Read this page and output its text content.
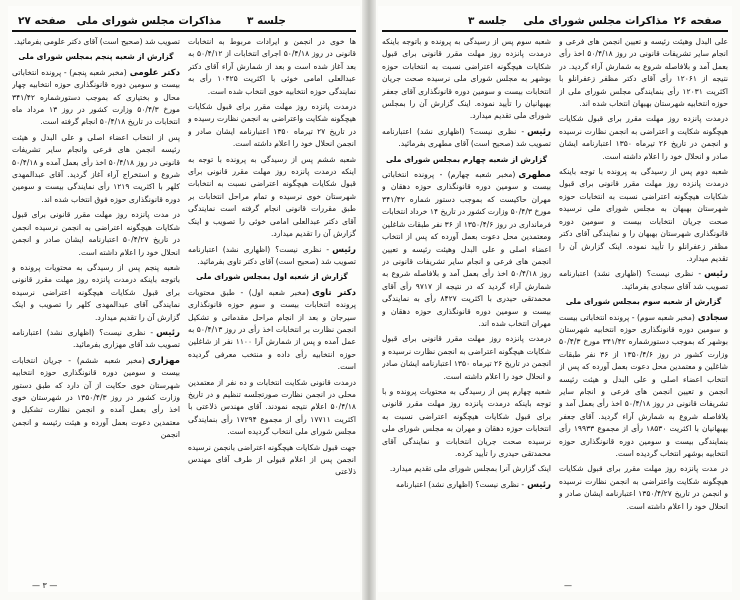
صفحه ۲۷	مذاکرات مجلس شورای ملی	جلسه ۳

ها خوی در انجمن و ایرادات مربوط به انتخابات قانونی در روز ۵۰/۴/۱۸ اجرای انتخابات از ۵۰/۴/۱۲ به بعد آغاز شده است و بعد از شمارش آراء آقای دکتر عبدالعلی امامی خوئی با اکثریت ۱۰۴۲۵ رأی به نمایندگی حوزه انتخابیه خوی انتخاب شده است.

درمدت پانزده روز مهلت مقرر برای قبول شکایات هیچگونه شکایت واعتراضی به انجمن نظارت رسیده و در تاریخ ۲۷ تیرماه ۱۳۵۰ اعتبارنامه ایشان صادر و انجمن انحلال خود را اعلام داشته است.

شعبه ششم پس از رسیدگی به پرونده با توجه به اینکه درمدت پانزده روز مهلت مقرر قانونی برای قبول شکایات هیچگونه اعتراضی نسبت به انتخابات شهرستان خوی نرسیده و تمام مراحل انتخابات بر طبق مقررات قانونی انجام گرفته است نمایندگی آقای دکتر عبدالعلی امامی خوئی را تصویب و اینک گزارش آن را تقدیم میدارد.

رئیس- نظری نیست؟ (اظهاری نشد) اعتبارنامه تصویب شد (صحیح است) آقای دکتر تاوی بفرمائید.

گزارش از شعبه اول بمجلس شورای ملی

دکتر تاوی(مخبر شعبه اول) - طبق محتویات پرونده انتخابات بیست و سوم حوزه قانونگذاری سیرجان و بعد از انجام مراحل مقدماتی و تشکیل انجمن نظارت بر انتخابات اخذ رأی در روز ۵۰/۴/۱۳ به عمل آمده و پس از شمارش آرا ۱۱۰۰ نفر از شاغلین حوزه انتخابیه رأی داده و منتخب معرفی گردیده است.

درمدت قانونی شکایت انتخابات و ده نفر از معتمدین محلی در انجمن نظارت صورتجلسه تنظیم و در تاریخ ۵۰/۴/۱۸ اعلام نتیجه نمودند. آقای مهندس ذلاعتی با اکثریت ۱۷۷۱۱ رأی از مجموع ۱۷۲۹۴ رأی بنمایندگی مجلس شورای ملی انتخاب گردیده است.

جهت قبول شکایات هیچگونه اعتراضی بانجمن نرسیده انجمن پس از اعلام قبولی از طرف آقای مهندس ذلاعتی

تصویب شد (صحیح است) آقای دکتر علومی بفرمائید.

گزارش از شعبه پنجم بمجلس شورای ملی

دکتر علومی(مخبر شعبه پنجم) - پرونده انتخاباتی بیست و سومین دوره قانونگذاری حوزه انتخابیه چهار محال و بختیاری که بموجب دستورشماره ۳۴۱/۴۲ مورخ ۵۰/۴/۳ وزارت کشور در روز ۱۳ مرداد ماه انتخابات در تاریخ ۵۰/۴/۱۸ انجام گرفته است.

پس از انتخاب اعضاء اصلی و علی البدل و هیئت رئیسه انجمن های فرعی وانجام سایر تشریفات قانونی در روز ۵۰/۴/۱۸ اخذ رأی بعمل آمده و ۵۰/۴/۱۸ شروع و استخراج آراء آغاز گردید. آقای عبدالمهدی کلهر با اکثریت ۱۲۱۹ رأی نمایندگی بیست و سومین دوره قانونگذاری حوزه فوق انتخاب شده اند.

در مدت پانزده روز مهلت مقرر قانونی برای قبول شکایات هیچگونه اعتراضی به انجمن نرسیده انجمن در تاریخ ۵۰/۴/۲۷ اعتبارنامه ایشان صادر و انجمن انحلال خود را اعلام داشته است.

شعبه پنجم پس از رسیدگی به محتویات پرونده و باتوجه باینکه درمدت پانزده روز مهلت مقرر قانونی برای قبول شکایات هیچگونه اعتراضی نرسیده نمایندگی آقای عبدالمهدی کلهر را تصویب و اینک گزارش آن را تقدیم میدارد.

رئیس- نظری نیست؟ (اظهاری نشد) اعتبارنامه تصویب شد آقای مهزاری بفرمائید.

مهزاری(مخبر شعبه ششم) - جریان انتخابات بیست و سومین دوره قانونگذاری حوزه انتخابیه شهرستان خوی حکایت از آن دارد که طبق دستور وزارت کشور در روز ۱۳۵۰/۴/۳ در شهرستان خوی اخذ رأی بعمل آمده و انجمن نظارت تشکیل و معتمدین دعوت بعمل آورده و هیئت رئیسه و انجمن انجمن

— ۳ —
صفحه ۲۶
مذاکرات مجلس شورای ملی
جلسه ۳

علی البدل وهیئت رئیسه و تعیین انجمن های فرعی و انجام سایر تشریفات قانونی در روز ۵۰/۴/۱۸ اخذ رأی بعمل آمد و بلافاصله شروع به شمارش آراء گردید. در نتیجه از ۱۲۰۶۱ رأی آقای دکتر مظفر زعفرانلو با اکثریت ۱۲۰۳۱ رأی بنمایندگی مجلس شورای ملی از حوزه انتخابیه شهرستان بهبهان انتخاب شده اند.

درمدت پانزده روز مهلت مقرر برای قبول شکایات هیچگونه شکایت و اعتراضی به انجمن نظارت نرسیده و انجمن در تاریخ ۲۶ تیرماه ۱۳۵۰ اعتبارنامه ایشان صادر و انحلال خود را اعلام داشته است.

شعبه دوم پس از رسیدگی به پرونده با توجه باینکه درمدت پانزده روز مهلت مقرر قانونی برای قبول شکایات هیچگونه اعتراضی نسبت به انتخابات حوزه شهرستان بهبهان به مجلس شورای ملی نرسیده صحت جریان انتخابات بیست و سومین دوره قانونگذاری شهرستان بهبهان را و نمایندگی آقای دکتر مظفر زعفرانلو را تأیید نموده. اینک گزارش آن را تقدیم میدارد.

رئیس- نظری نیست؟ (اظهاری نشد) اعتبارنامه تصویب شد آقای سجادی بفرمائید.

گزارش از شعبه سوم بمجلس شورای ملی

سجادی(مخبر شعبه سوم) - پرونده انتخاباتی بیست و سومین دوره قانونگذاری حوزه انتخابیه شهرستان بوشهر که بموجب دستورشماره ۳۴۱/۴۲ مورخ ۵۰/۴/۳ وزارت کشور در روز ۱۳۵۰/۴/۶ از ۳۶ نفر طبقات شاغلین و معتمدین محل دعوت بعمل آورده که پس از انتخاب اعضاء اصلی و علی البدل و هیئت رئیسه انجمن و تعیین انجمن های فرعی و انجام سایر تشریفات قانونی در روز ۵۰/۴/۱۸ اخذ رأی بعمل آمد و بلافاصله شروع به شمارش آراء گردید. آقای جعفر بهبهانیان با اکثریت ۱۸۵۳۰ رأی از مجموع ۱۹۹۳۳ رأی بنمایندگی بیست و سومین دوره قانونگذاری حوزه انتخابیه بوشهر انتخاب گردیده است.

در مدت پانزده روز مهلت مقرر برای قبول شکایات هیچگونه شکایت واعتراضی به انجمن نظارت نرسیده و انجمن در تاریخ ۱۳۵۰/۴/۲۷ اعتبارنامه ایشان صادر و انحلال خود را اعلام داشته است.

شعبه سوم پس از رسیدگی به پرونده و باتوجه باینکه درمدت پانزده روز مهلت مقرر قانونی برای قبول شکایات هیچگونه اعتراضی نسبت به انتخابات حوزه بوشهر به مجلس شورای ملی نرسیده صحت جریان انتخابات بیست و سومین دوره قانونگذاری آقای جعفر بهبهانیان را تأیید نموده. اینک گزارش آن را بمجلس شورای ملی تقدیم میدارد.

رئیس- نظری نیست؟ (اظهاری نشد) اعتبارنامه تصویب شد (صحیح است) آقای مطهری بفرمائید.

گزارش از شعبه چهارم بمجلس شورای ملی

مطهری(مخبر شعبه چهارم) - پرونده انتخاباتی بیست و سومین دوره قانونگذاری حوزه دهقان و مهران حاکیست که بموجب دستور شماره ۳۴۱/۴۲ مورخ ۵۰/۴/۳ وزارت کشور در تاریخ ۱۴ خرداد انتخابات فرمانداری در روز ۱۳۵۰/۴/۶ از ۳۶ نفر طبقات شاغلین ومعتمدین محل دعوت بعمل آورده که پس از انتخاب اعضاء اصلی و علی البدل وهیئت رئیسه و تعیین انجمن های فرعی و انجام سایر تشریفات قانونی در روز ۵۰/۴/۱۸ اخذ رأی بعمل آمد و بلافاصله شروع به شمارش آراء گردید که در نتیجه از ۹۷۱۷ رأی آقای محمدتقی حیدری با اکثریت ۸۴۲۷ رأی به نمایندگی بیست و سومین دوره قانونگذاری حوزه دهقان و مهران انتخاب شده اند.

درمدت پانزده روز مهلت مقرر قانونی برای قبول شکایات هیچگونه اعتراضی به انجمن نظارت نرسیده و انجمن در تاریخ ۲۶ تیرماه ۱۳۵۰ اعتبارنامه ایشان صادر و انحلال خود را اعلام داشته است.

شعبه چهارم پس از رسیدگی به محتویات پرونده و با توجه باینکه درمدت پانزده روز مهلت مقرر قانونی برای قبول شکایات هیچگونه اعتراضی نسبت به انتخابات حوزه دهقان و مهران به مجلس شورای ملی نرسیده صحت جریان انتخابات و نمایندگی آقای محمدتقی حیدری را تأیید کرده.

اینک گزارش آنرا بمجلس شورای ملی تقدیم میدارد.

رئیس- نظری نیست؟ (اظهاری نشد) اعتبارنامه

—
